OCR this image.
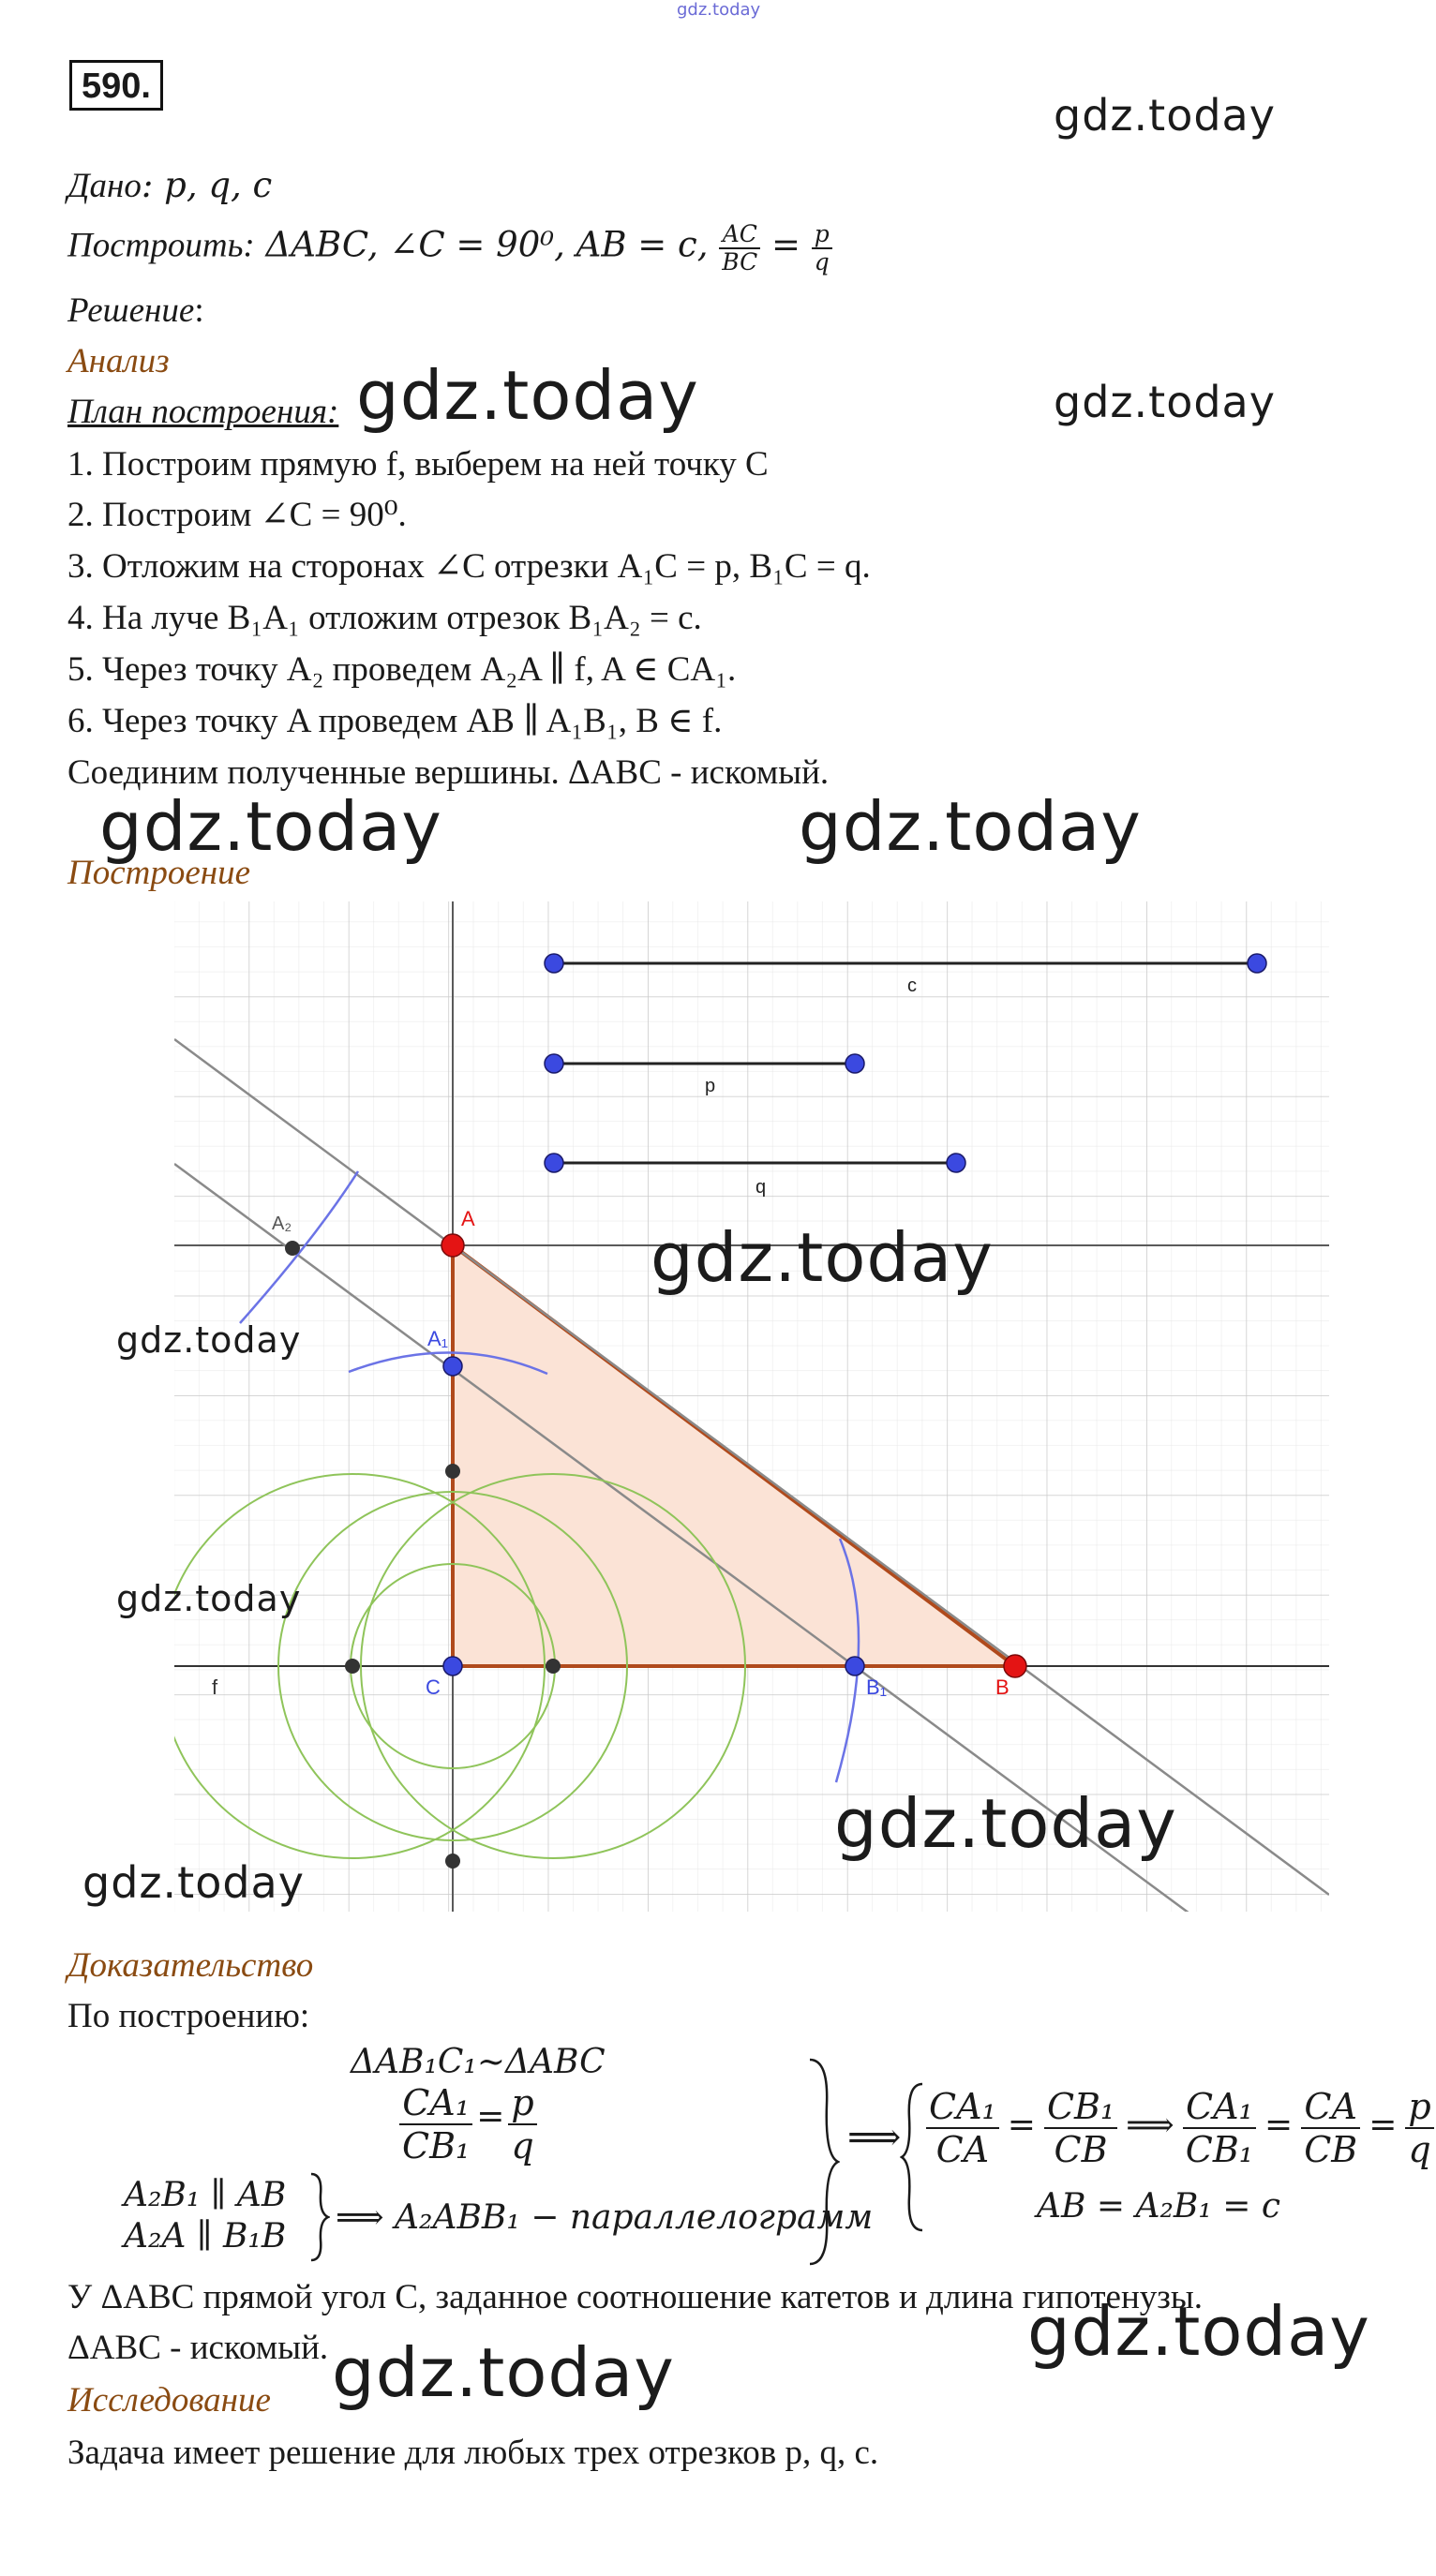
gdz.today
590.
Дано: p, q, c
Построить: ΔABC, ∠C = 90⁰, AB = c, $\frac{AC}{BC} = \frac{p}{q}$
Решение:
Анализ
План построения:
1. Построим прямую f, выберем на ней точку C
2. Построим ∠C = 90⁰.
3. Отложим на сторонах ∠C отрезки A₁C = p, B₁C = q.
4. На луче B₁A₁ отложим отрезок B₁A₂ = c.
5. Через точку A₂ проведем A₂A ∥ f, A ∈ CA₁.
6. Через точку A проведем AB ∥ A₁B₁, B ∈ f.
Соединим полученные вершины. ΔABC - искомый.
Построение
c
p
q
A
A₁
A₂
C	B₁	B
f
gdz.today
gdz.today	gdz.today
gdz.today	gdz.today
gdz.today
gdz.today
gdz.today
gdz.today
gdz.today
gdz.today
gdz.today
Доказательство
По построению:
ΔAB₁C₁~ΔABC
$\frac{\text{CA₁}}{\text{CB₁}} = \frac{p}{q}$
A₂B₁ ∥ AB
A₂A ∥ B₁B ⟹ A₂ABB₁ − параллелограмм
⟹ $\frac{\text{CA₁}}{CA} = \frac{\text{CB₁}}{CB}$ ⟹ $\frac{\text{CA₁}}{\text{CB₁}} = \frac{CA}{CB} = \frac{p}{q}$
AB = A₂B₁ = c
У ΔABC прямой угол C, заданное соотношение катетов и длина гипотенузы.
ΔABC - искомый.
Исследование
Задача имеет решение для любых трех отрезков p, q, c.
